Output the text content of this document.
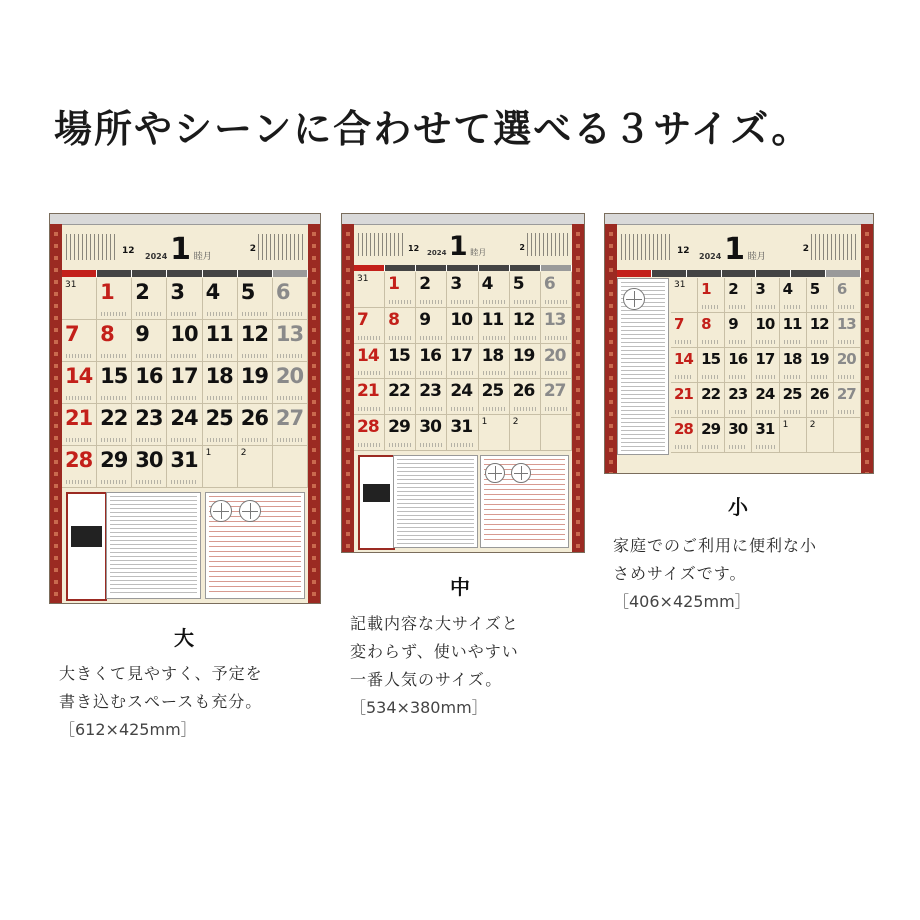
場所やシーンに合わせて選べる３サイズ。
12	2
2024 1 睦月
31 1 2 3 4 5 6
7 8 9 10 11 12 13
14 15 16 17 18 19 20
21 22 23 24 25 26 27
28 29 30 31 1	2
12	2
2024 1 睦月
31 1 2 3 4 5 6
7 8 9 10 11 12 13
14 15 16 17 18 19 20
21 22 23 24 25 26 27
28 29 30 31 1	2
12	2
2024 1 睦月
31 1 2 3 4 5 6
7 8 9 10 11 12 13
14 15 16 17 18 19 20
21 22 23 24 25 26 27
28 29 30 31 1 2
大

大きくて見やすく、予定を

書き込むスペースも充分。

［612×425mm］

中

記載内容な大サイズと

変わらず、使いやすい

一番人気のサイズ。

［534×380mm］

小

家庭でのご利用に便利な小

さめサイズです。

［406×425mm］
